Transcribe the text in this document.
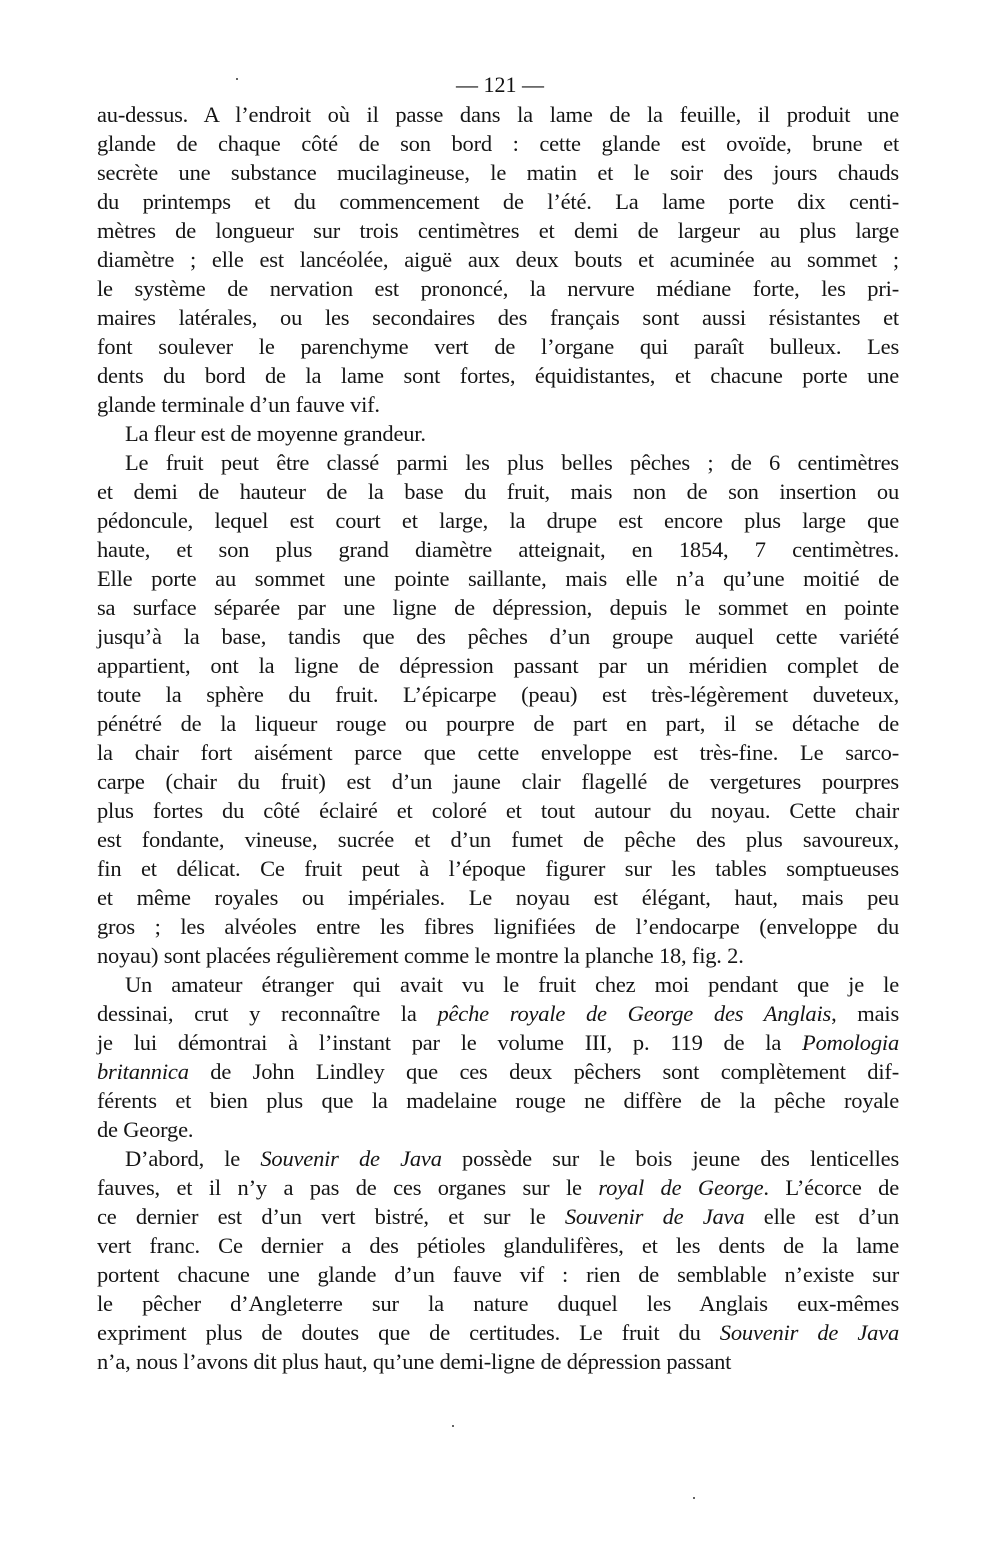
— 121 —
au-dessus. A l’endroit où il passe dans la lame de la feuille, il produit une
glande de chaque côté de son bord : cette glande est ovoïde, brune et
secrète une substance mucilagineuse, le matin et le soir des jours chauds
du printemps et du commencement de l’été. La lame porte dix centi-
mètres de longueur sur trois centimètres et demi de largeur au plus large
diamètre ; elle est lancéolée, aiguë aux deux bouts et acuminée au sommet ;
le système de nervation est prononcé, la nervure médiane forte, les pri-
maires latérales, ou les secondaires des français sont aussi résistantes et
font soulever le parenchyme vert de l’organe qui paraît bulleux. Les
dents du bord de la lame sont fortes, équidistantes, et chacune porte une
glande terminale d’un fauve vif.
La fleur est de moyenne grandeur.
Le fruit peut être classé parmi les plus belles pêches ; de 6 centimètres
et demi de hauteur de la base du fruit, mais non de son insertion ou
pédoncule, lequel est court et large, la drupe est encore plus large que
haute, et son plus grand diamètre atteignait, en 1854, 7 centimètres.
Elle porte au sommet une pointe saillante, mais elle n’a qu’une moitié de
sa surface séparée par une ligne de dépression, depuis le sommet en pointe
jusqu’à la base, tandis que des pêches d’un groupe auquel cette variété
appartient, ont la ligne de dépression passant par un méridien complet de
toute la sphère du fruit. L’épicarpe (peau) est très-légèrement duveteux,
pénétré de la liqueur rouge ou pourpre de part en part, il se détache de
la chair fort aisément parce que cette enveloppe est très-fine. Le sarco-
carpe (chair du fruit) est d’un jaune clair flagellé de vergetures pourpres
plus fortes du côté éclairé et coloré et tout autour du noyau. Cette chair
est fondante, vineuse, sucrée et d’un fumet de pêche des plus savoureux,
fin et délicat. Ce fruit peut à l’époque figurer sur les tables somptueuses
et même royales ou impériales. Le noyau est élégant, haut, mais peu
gros ; les alvéoles entre les fibres lignifiées de l’endocarpe (enveloppe du
noyau) sont placées régulièrement comme le montre la planche 18, fig. 2.
Un amateur étranger qui avait vu le fruit chez moi pendant que je le
dessinai, crut y reconnaître la pêche royale de George des Anglais, mais
je lui démontrai à l’instant par le volume III, p. 119 de la Pomologia
britannica de John Lindley que ces deux pêchers sont complètement dif-
férents et bien plus que la madelaine rouge ne diffère de la pêche royale
de George.
D’abord, le Souvenir de Java possède sur le bois jeune des lenticelles
fauves, et il n’y a pas de ces organes sur le royal de George. L’écorce de
ce dernier est d’un vert bistré, et sur le Souvenir de Java elle est d’un
vert franc. Ce dernier a des pétioles glandulifères, et les dents de la lame
portent chacune une glande d’un fauve vif : rien de semblable n’existe sur
le pêcher d’Angleterre sur la nature duquel les Anglais eux-mêmes
expriment plus de doutes que de certitudes. Le fruit du Souvenir de Java
n’a, nous l’avons dit plus haut, qu’une demi-ligne de dépression passant
